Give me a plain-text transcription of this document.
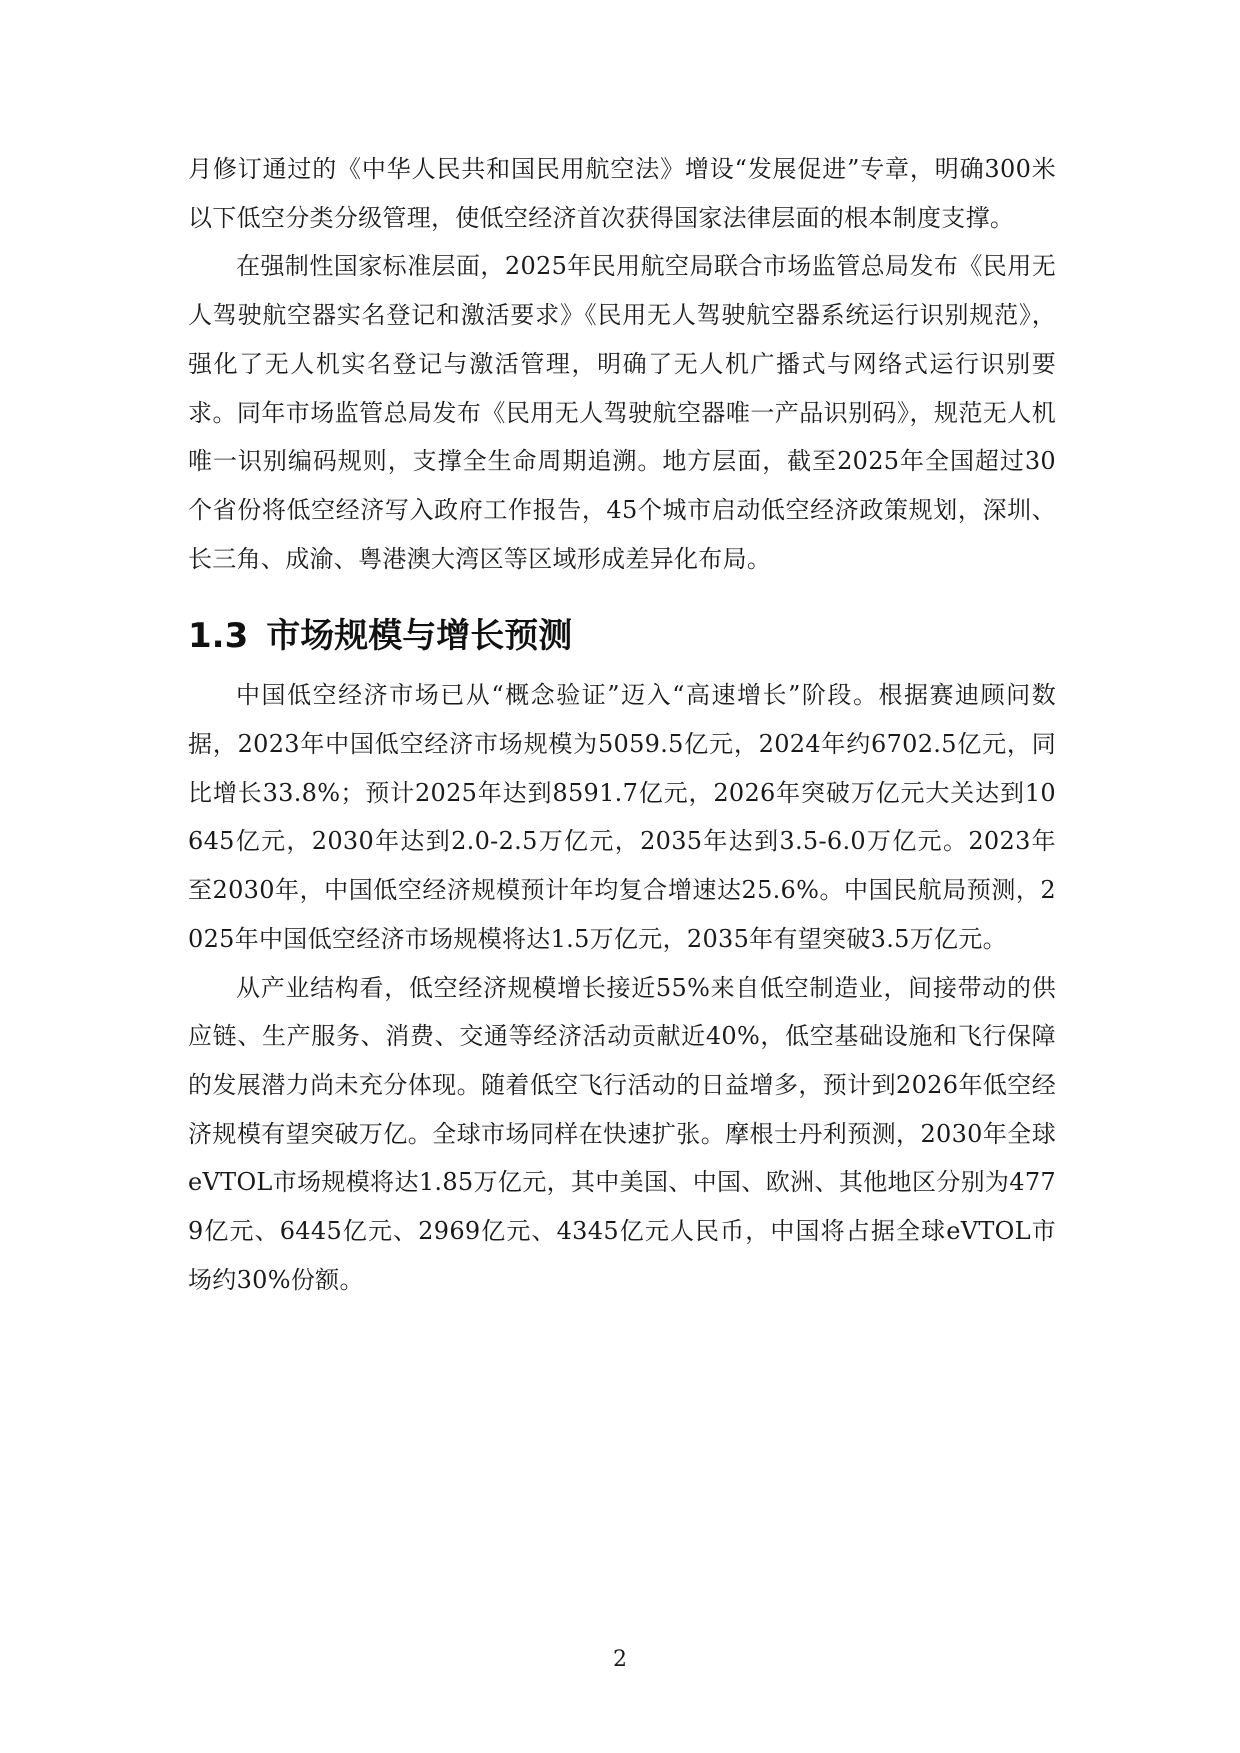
月修订通过的《中华人民共和国民用航空法》增设“发展促进”专章，明确300米以下低空分类分级管理，使低空经济首次获得国家法律层面的根本制度支撑。

在强制性国家标准层面，2025年民用航空局联合市场监管总局发布《民用无人驾驶航空器实名登记和激活要求》《民用无人驾驶航空器系统运行识别规范》，强化了无人机实名登记与激活管理，明确了无人机广播式与网络式运行识别要求。同年市场监管总局发布《民用无人驾驶航空器唯一产品识别码》，规范无人机唯一识别编码规则，支撑全生命周期追溯。地方层面，截至2025年全国超过30个省份将低空经济写入政府工作报告，45个城市启动低空经济政策规划，深圳、长三角、成渝、粤港澳大湾区等区域形成差异化布局。

1.3 市场规模与增长预测

中国低空经济市场已从“概念验证”迈入“高速增长”阶段。根据赛迪顾问数据，2023年中国低空经济市场规模为5059.5亿元，2024年约6702.5亿元，同比增长33.8%；预计2025年达到8591.7亿元，2026年突破万亿元大关达到10645亿元，2030年达到2.0-2.5万亿元，2035年达到3.5-6.0万亿元。2023年至2030年，中国低空经济规模预计年均复合增速达25.6%。中国民航局预测，2025年中国低空经济市场规模将达1.5万亿元，2035年有望突破3.5万亿元。

从产业结构看，低空经济规模增长接近55%来自低空制造业，间接带动的供应链、生产服务、消费、交通等经济活动贡献近40%，低空基础设施和飞行保障的发展潜力尚未充分体现。随着低空飞行活动的日益增多，预计到2026年低空经济规模有望突破万亿。全球市场同样在快速扩张。摩根士丹利预测，2030年全球eVTOL市场规模将达1.85万亿元，其中美国、中国、欧洲、其他地区分别为4779亿元、6445亿元、2969亿元、4345亿元人民币，中国将占据全球eVTOL市场约30%份额。

2
